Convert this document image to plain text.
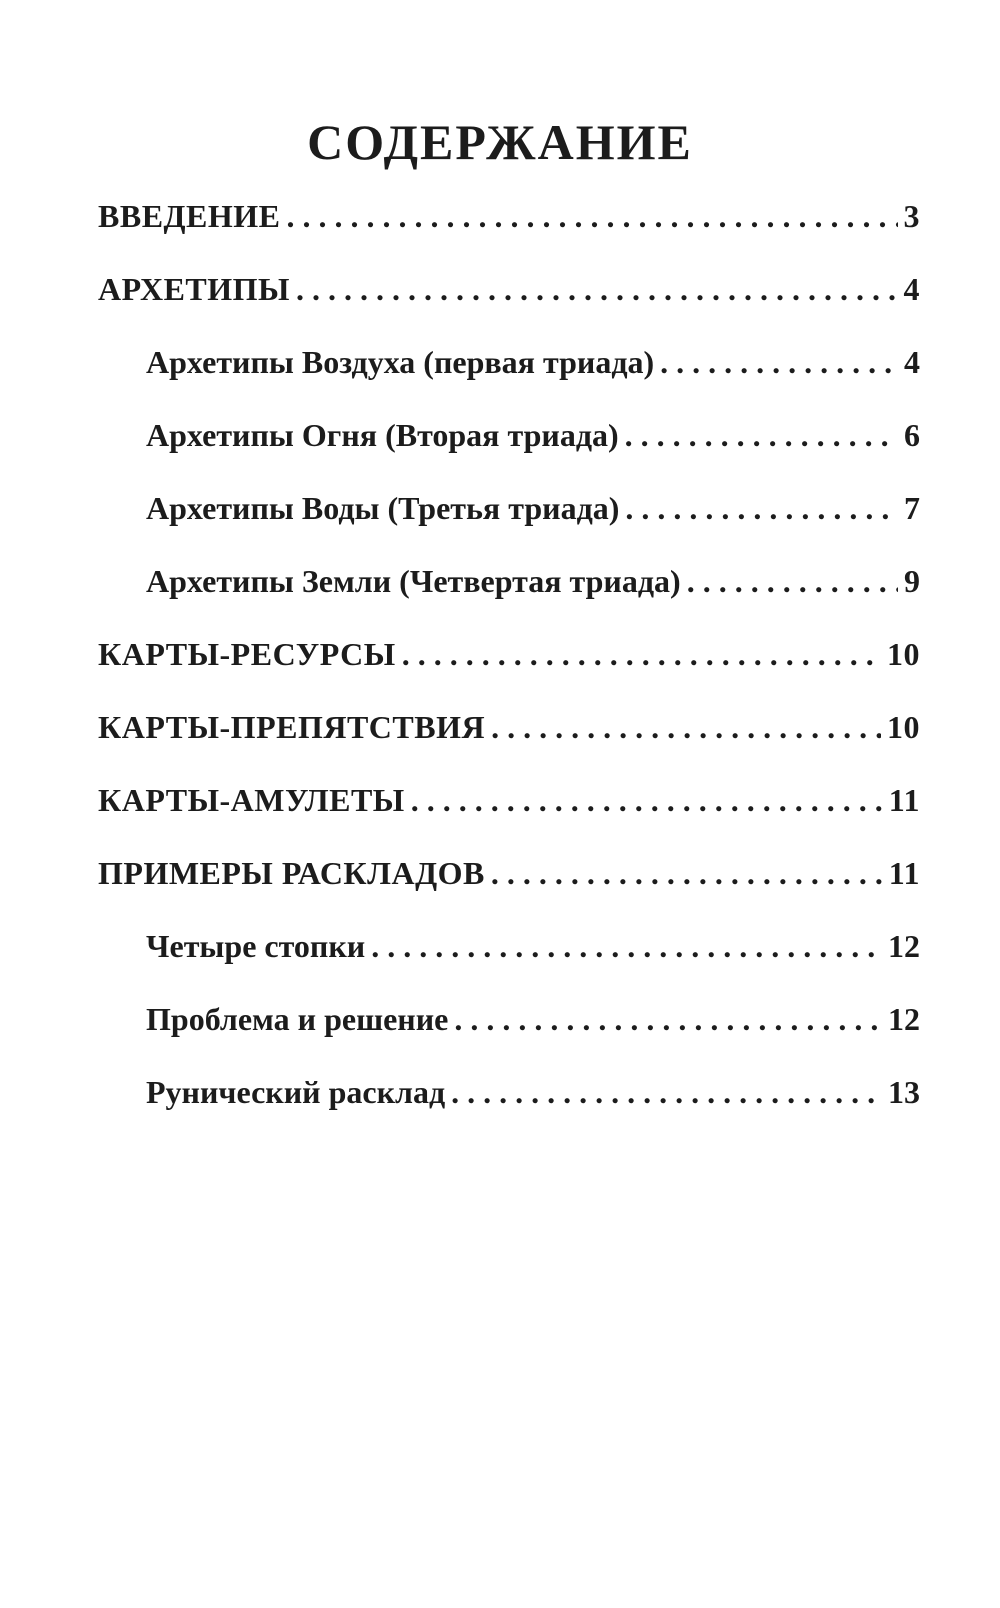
СОДЕРЖАНИЕ
ВВЕДЕНИЕ . . .	3
АРХЕТИПЫ . . .	4
Архетипы Воздуха (первая триада) . . .	4
Архетипы Огня (Вторая триада) . . .	6
Архетипы Воды (Третья триада) . . .	7
Архетипы Земли (Четвертая триада) . . .	9
КАРТЫ-РЕСУРСЫ . . .	10
КАРТЫ-ПРЕПЯТСТВИЯ . . .	10
КАРТЫ-АМУЛЕТЫ . . .	11
ПРИМЕРЫ РАСКЛАДОВ . . .	11
Четыре стопки . . .	12
Проблема и решение . . .	12
Рунический расклад . . .	13
